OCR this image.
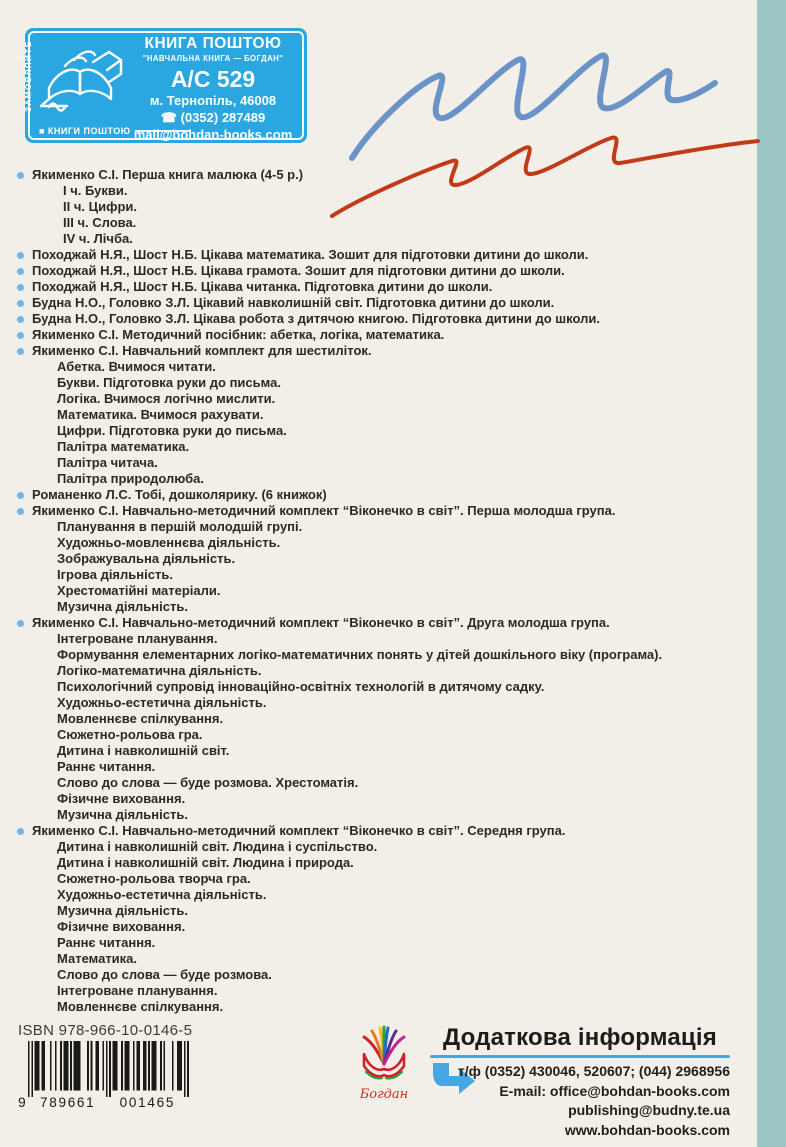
ЗАМОВЛЯЙТЕ
■ КНИГИ ПОШТОЮ
КНИГА ПОШТОЮ
"НАВЧАЛЬНА КНИГА — БОГДАН"
А/С 529
м. Тернопіль, 46008
☎ (0352) 287489
mail@bohdan-books.com
Якименко С.І. Перша книга малюка (4-5 р.)
I ч. Букви.
II ч. Цифри.
III ч. Слова.
IV ч. Лічба.
Походжай Н.Я., Шост Н.Б. Цікава математика. Зошит для підготовки дитини до школи.
Походжай Н.Я., Шост Н.Б. Цікава грамота. Зошит для підготовки дитини до школи.
Походжай Н.Я., Шост Н.Б. Цікава читанка. Підготовка дитини до школи.
Будна Н.О., Головко З.Л. Цікавий навколишній світ. Підготовка дитини до школи.
Будна Н.О., Головко З.Л. Цікава робота з дитячою книгою. Підготовка дитини до школи.
Якименко С.І. Методичний посібник: абетка, логіка, математика.
Якименко С.І. Навчальний комплект для шестиліток.
Абетка. Вчимося читати.
Букви. Підготовка руки до письма.
Логіка. Вчимося логічно мислити.
Математика. Вчимося рахувати.
Цифри. Підготовка руки до письма.
Палітра математика.
Палітра читача.
Палітра природолюба.
Романенко Л.С. Тобі, дошколярику. (6 книжок)
Якименко С.І. Навчально-методичний комплект “Віконечко в світ”. Перша молодша група.
Планування в першій молодшій групі.
Художньо-мовленнєва діяльність.
Зображувальна діяльність.
Ігрова діяльність.
Хрестоматійні матеріали.
Музична діяльність.
Якименко С.І. Навчально-методичний комплект “Віконечко в світ”. Друга молодша група.
Інтегроване планування.
Формування елементарних логіко-математичних понять у дітей дошкільного віку (програма).
Логіко-математична діяльність.
Психологічний супровід інноваційно-освітніх технологій в дитячому садку.
Художньо-естетична діяльність.
Мовленнєве спілкування.
Сюжетно-рольова гра.
Дитина і навколишній світ.
Раннє читання.
Слово до слова — буде розмова. Хрестоматія.
Фізичне виховання.
Музична діяльність.
Якименко С.І. Навчально-методичний комплект “Віконечко в світ”. Середня група.
Дитина і навколишній світ. Людина і суспільство.
Дитина і навколишній світ. Людина і природа.
Сюжетно-рольова творча гра.
Художньо-естетична діяльність.
Музична діяльність.
Фізичне виховання.
Раннє читання.
Математика.
Слово до слова — буде розмова.
Інтегроване планування.
Мовленнєве спілкування.
ISBN 978-966-10-0146-5
9 789661	001465
Богдан
Додаткова інформація
т/ф (0352) 430046, 520607; (044) 2968956
E-mail: office@bohdan-books.com
publishing@budny.te.ua
www.bohdan-books.com
